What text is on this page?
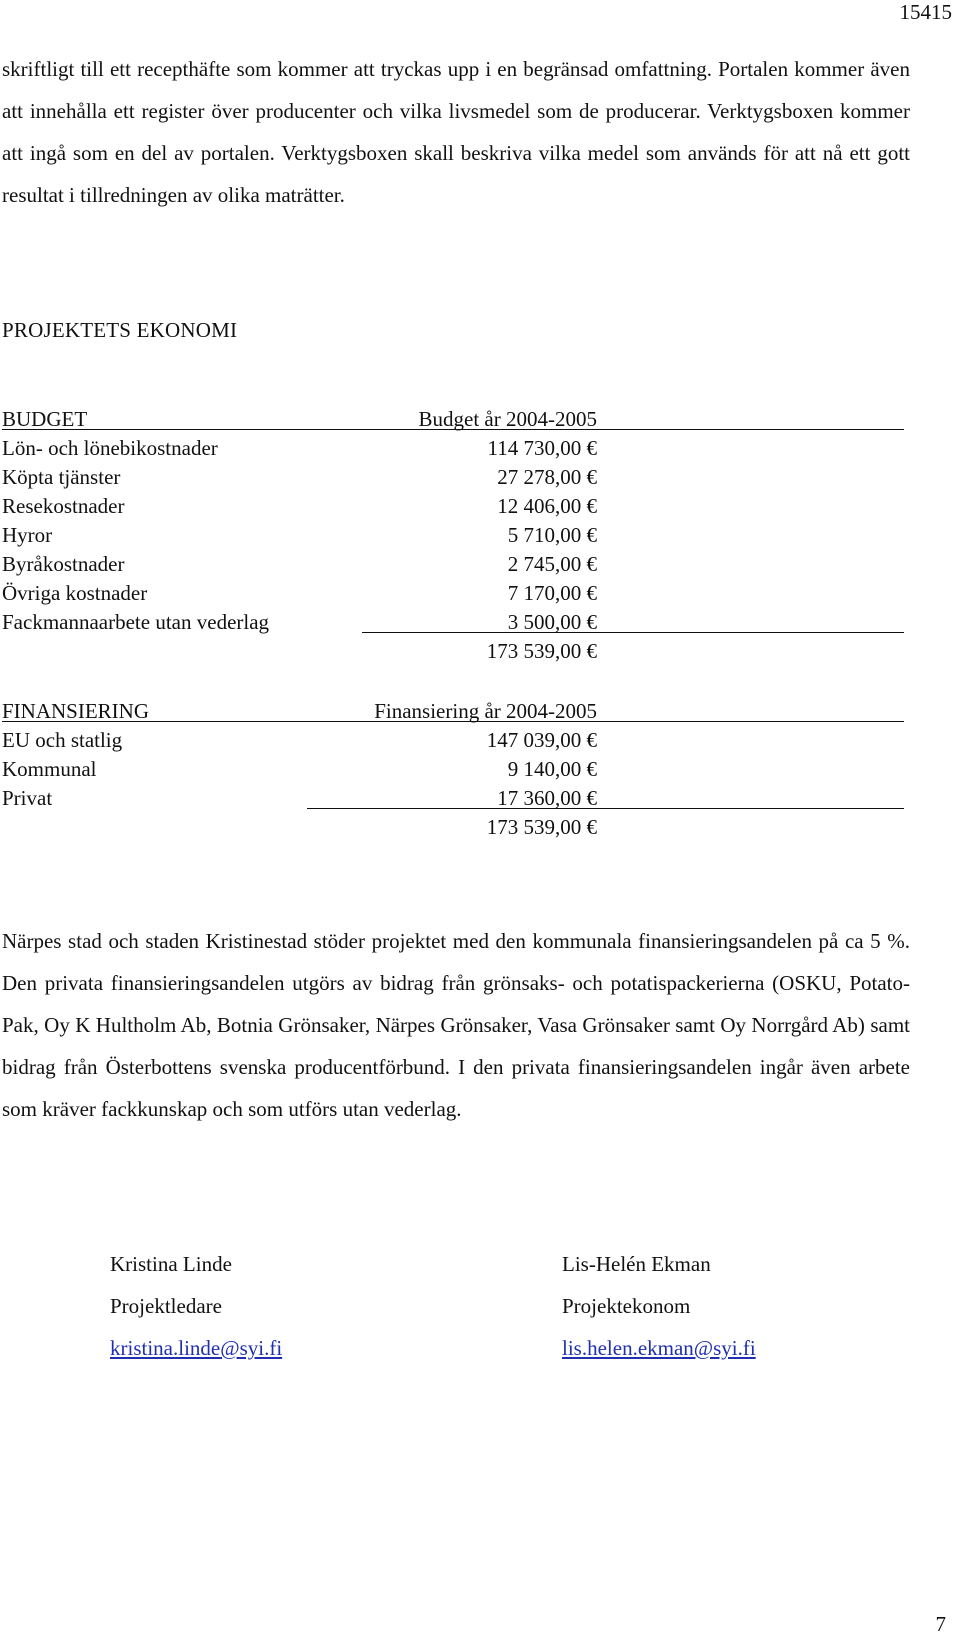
15415

skriftligt till ett recepthäfte som kommer att tryckas upp i en begränsad omfattning. Portalen kommer även att innehålla ett register över producenter och vilka livsmedel som de producerar. Verktygsboxen kommer att ingå som en del av portalen. Verktygsboxen skall beskriva vilka medel som används för att nå ett gott resultat i tillredningen av olika maträtter.

PROJEKTETS EKONOMI
BUDGET	Budget år 2004-2005
Lön- och lönebikostnader	114 730,00 €
Köpta tjänster	27 278,00 €
Resekostnader	12 406,00 €
Hyror	5 710,00 €
Byråkostnader	2 745,00 €
Övriga kostnader	7 170,00 €
Fackmannaarbete utan vederlag	3 500,00 €
173 539,00 €
FINANSIERING	Finansiering år 2004-2005
EU och statlig	147 039,00 €
Kommunal	9 140,00 €
Privat	17 360,00 €
173 539,00 €

Närpes stad och staden Kristinestad stöder projektet med den kommunala finansieringsandelen på ca 5 %. Den privata finansieringsandelen utgörs av bidrag från grönsaks- och potatispackerierna (OSKU, Potato-Pak, Oy K Hultholm Ab, Botnia Grönsaker, Närpes Grönsaker, Vasa Grönsaker samt Oy Norrgård Ab) samt bidrag från Österbottens svenska producentförbund. I den privata finansieringsandelen ingår även arbete som kräver fackkunskap och som utförs utan vederlag.

Kristina Linde
Projektledare
kristina.linde@syi.fi
Lis-Helén Ekman
Projektekonom
lis.helen.ekman@syi.fi
7
